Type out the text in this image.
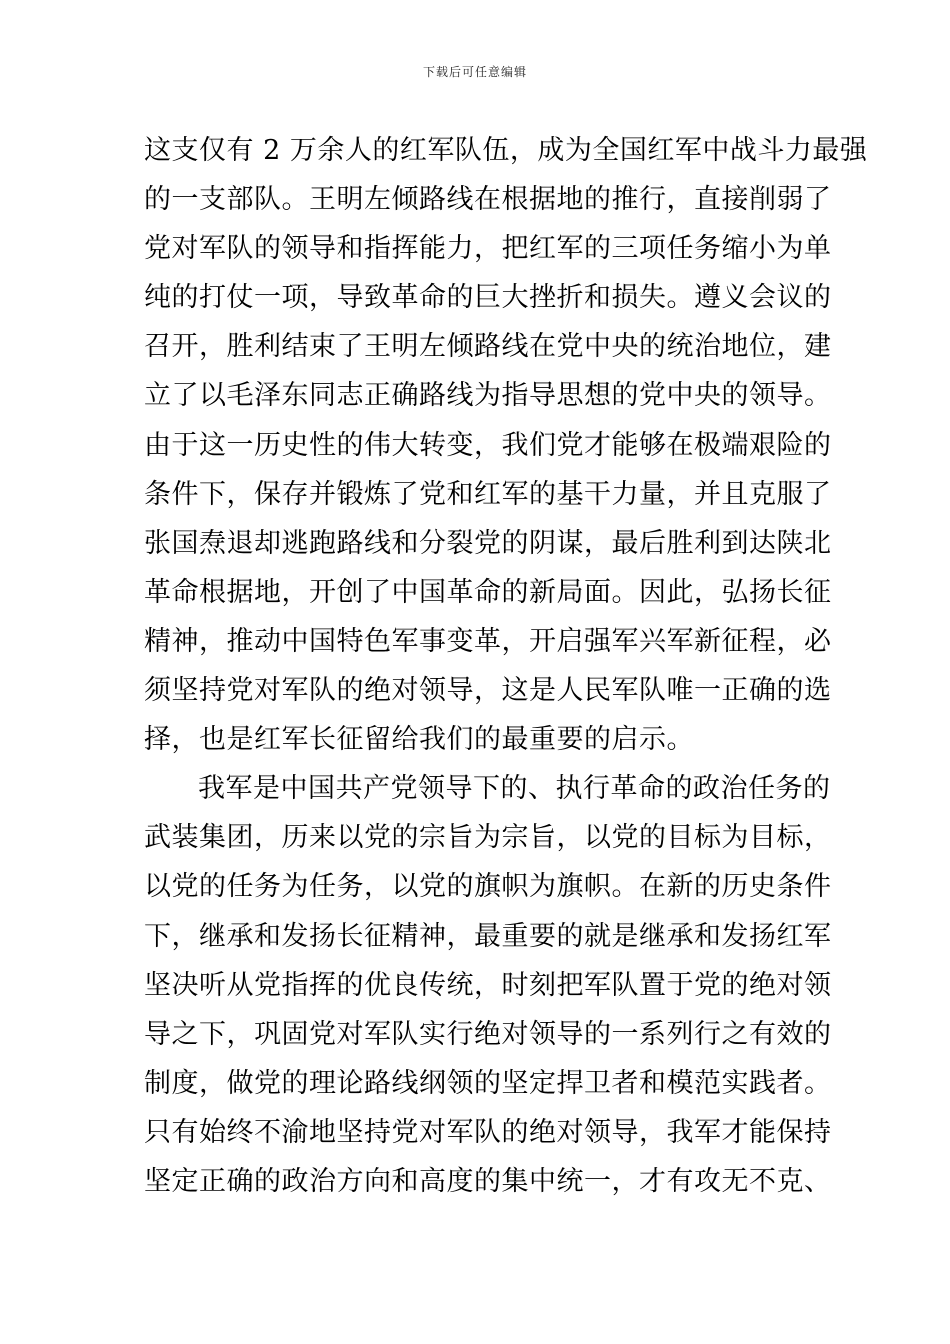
下载后可任意编辑
这支仅有 2 万余人的红军队伍，成为全国红军中战斗力最强
的一支部队。王明左倾路线在根据地的推行，直接削弱了
党对军队的领导和指挥能力，把红军的三项任务缩小为单
纯的打仗一项，导致革命的巨大挫折和损失。遵义会议的
召开，胜利结束了王明左倾路线在党中央的统治地位，建
立了以毛泽东同志正确路线为指导思想的党中央的领导。
由于这一历史性的伟大转变，我们党才能够在极端艰险的
条件下，保存并锻炼了党和红军的基干力量，并且克服了
张国焘退却逃跑路线和分裂党的阴谋，最后胜利到达陕北
革命根据地，开创了中国革命的新局面。因此，弘扬长征
精神，推动中国特色军事变革，开启强军兴军新征程，必
须坚持党对军队的绝对领导，这是人民军队唯一正确的选
择，也是红军长征留给我们的最重要的启示。
我军是中国共产党领导下的、执行革命的政治任务的
武装集团，历来以党的宗旨为宗旨，以党的目标为目标，
以党的任务为任务，以党的旗帜为旗帜。在新的历史条件
下，继承和发扬长征精神，最重要的就是继承和发扬红军
坚决听从党指挥的优良传统，时刻把军队置于党的绝对领
导之下，巩固党对军队实行绝对领导的一系列行之有效的
制度，做党的理论路线纲领的坚定捍卫者和模范实践者。
只有始终不渝地坚持党对军队的绝对领导，我军才能保持
坚定正确的政治方向和高度的集中统一，才有攻无不克、
